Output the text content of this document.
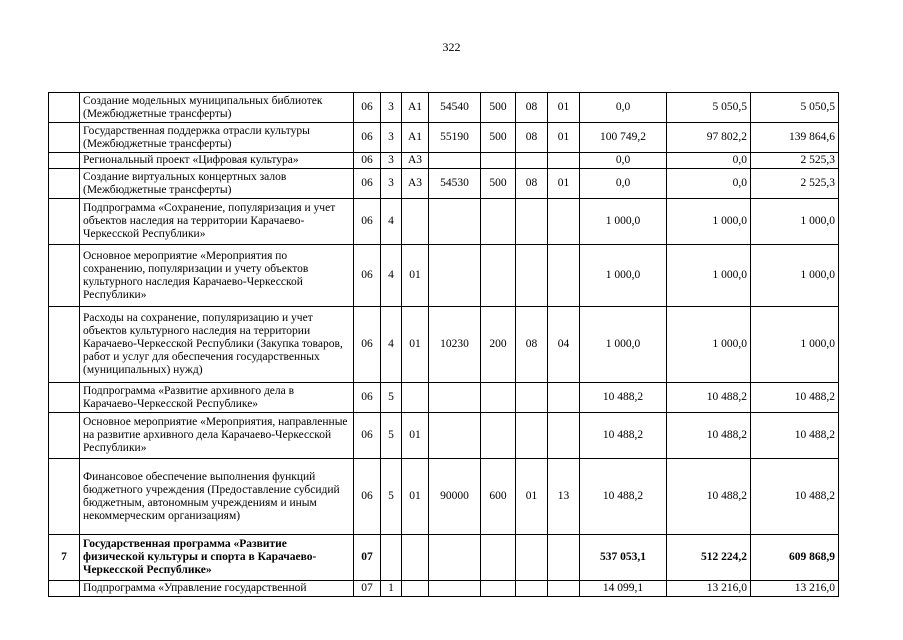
322
	Создание модельных муниципальных библиотек (Межбюджетные трансферты)	06	3	А1	54540	500	08	01	0,0	5 050,5	5 050,5
	Государственная поддержка отрасли культуры (Межбюджетные трансферты)	06	3	А1	55190	500	08	01	100 749,2	97 802,2	139 864,6
	Региональный проект «Цифровая культура»	06	3	А3					0,0	0,0	2 525,3
	Создание виртуальных концертных залов (Межбюджетные трансферты)	06	3	А3	54530	500	08	01	0,0	0,0	2 525,3
	Подпрограмма «Сохранение, популяризация и учет объектов наследия на территории Карачаево-Черкесской Республики»	06	4						1 000,0	1 000,0	1 000,0
	Основное мероприятие «Мероприятия по сохранению, популяризации и учету объектов культурного наследия Карачаево-Черкесской Республики»	06	4	01					1 000,0	1 000,0	1 000,0
	Расходы на сохранение, популяризацию и учет объектов культурного наследия на территории Карачаево-Черкесской Республики (Закупка товаров, работ и услуг для обеспечения государственных (муниципальных) нужд)	06	4	01	10230	200	08	04	1 000,0	1 000,0	1 000,0
	Подпрограмма «Развитие архивного дела в Карачаево-Черкесской Республике»	06	5						10 488,2	10 488,2	10 488,2
	Основное мероприятие «Мероприятия, направленные на развитие архивного дела Карачаево-Черкесской Республики»	06	5	01					10 488,2	10 488,2	10 488,2
	Финансовое обеспечение выполнения функций бюджетного учреждения (Предоставление субсидий бюджетным, автономным учреждениям и иным некоммерческим организациям)	06	5	01	90000	600	01	13	10 488,2	10 488,2	10 488,2
7	Государственная программа «Развитие физической культуры и спорта в Карачаево-Черкесской Республике»	07							537 053,1	512 224,2	609 868,9
	Подпрограмма «Управление государственной	07	1						14 099,1	13 216,0	13 216,0
